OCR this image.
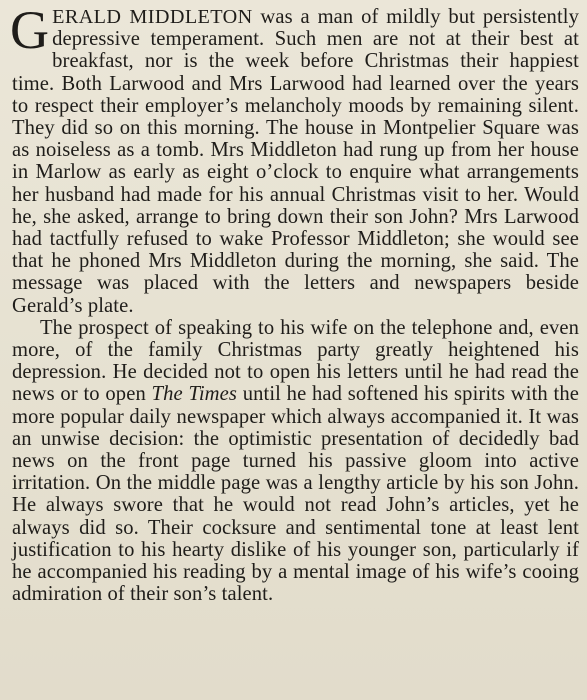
GERALD MIDDLETON was a man of mildly but persistently depressive temperament. Such men are not at their best at breakfast, nor is the week before Christmas their happiest time. Both Larwood and Mrs Larwood had learned over the years to respect their employer’s melancholy moods by remaining silent. They did so on this morning. The house in Montpelier Square was as noiseless as a tomb. Mrs Middleton had rung up from her house in Marlow as early as eight o’clock to enquire what arrangements her husband had made for his annual Christmas visit to her. Would he, she asked, arrange to bring down their son John? Mrs Larwood had tactfully refused to wake Professor Middleton; she would see that he phoned Mrs Middleton during the morning, she said. The message was placed with the letters and newspapers beside Gerald’s plate.

The prospect of speaking to his wife on the telephone and, even more, of the family Christmas party greatly heightened his depression. He decided not to open his letters until he had read the news or to open The Times until he had softened his spirits with the more popular daily newspaper which always accompanied it. It was an unwise decision: the optimistic presentation of decidedly bad news on the front page turned his passive gloom into active irritation. On the middle page was a lengthy article by his son John. He always swore that he would not read John’s articles, yet he always did so. Their cocksure and sentimental tone at least lent justification to his hearty dislike of his younger son, particularly if he accompanied his reading by a mental image of his wife’s cooing admiration of their son’s talent.
